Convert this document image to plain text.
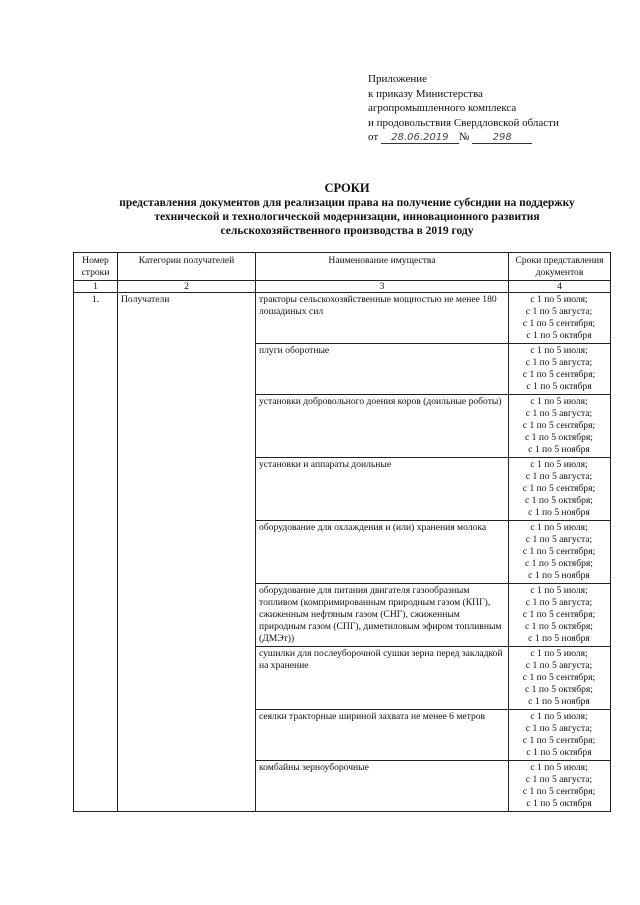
Приложение
к приказу Министерства
агропромышленного комплекса
и продовольствия Свердловской области
от 28.06.2019 № 298
СРОКИ
представления документов для реализации права на получение субсидии на поддержку
технической и технологической модернизации, инновационного развития
сельскохозяйственного производства в 2019 году
Номер строки	Категории получателей	Наименование имущества	Сроки представления документов
1	2	3	4
1.	Получатели	тракторы сельскохозяйственные мощностью не менее 180 лошадиных сил	с 1 по 5 июля;
с 1 по 5 августа;
с 1 по 5 сентября;
с 1 по 5 октября

		плуги оборотные	с 1 по 5 июля;
с 1 по 5 августа;
с 1 по 5 сентября;
с 1 по 5 октября

		установки добровольного доения коров (доильные роботы)	с 1 по 5 июля;
с 1 по 5 августа;
с 1 по 5 сентября;
с 1 по 5 октября;
с 1 по 5 ноября

		установки и аппараты доильные	с 1 по 5 июля;
с 1 по 5 августа;
с 1 по 5 сентября;
с 1 по 5 октября;
с 1 по 5 ноября

		оборудование для охлаждения и (или) хранения молока	с 1 по 5 июля;
с 1 по 5 августа;
с 1 по 5 сентября;
с 1 по 5 октября;
с 1 по 5 ноября

		оборудование для питания двигателя газообразным топливом (компримированным природным газом (КПГ), сжиженным нефтяным газом (СНГ), сжиженным природным газом (СПГ), диметиловым эфиром топливным (ДМЭт))	с 1 по 5 июля;
с 1 по 5 августа;
с 1 по 5 сентября;
с 1 по 5 октября;
с 1 по 5 ноября

		сушилки для послеуборочной сушки зерна перед закладкой на хранение	с 1 по 5 июля;
с 1 по 5 августа;
с 1 по 5 сентября;
с 1 по 5 октября;
с 1 по 5 ноября

		сеялки тракторные шириной захвата не менее 6 метров	с 1 по 5 июля;
с 1 по 5 августа;
с 1 по 5 сентября;
с 1 по 5 октября

		комбайны зерноуборочные	с 1 по 5 июля;
с 1 по 5 августа;
с 1 по 5 сентября;
с 1 по 5 октября
